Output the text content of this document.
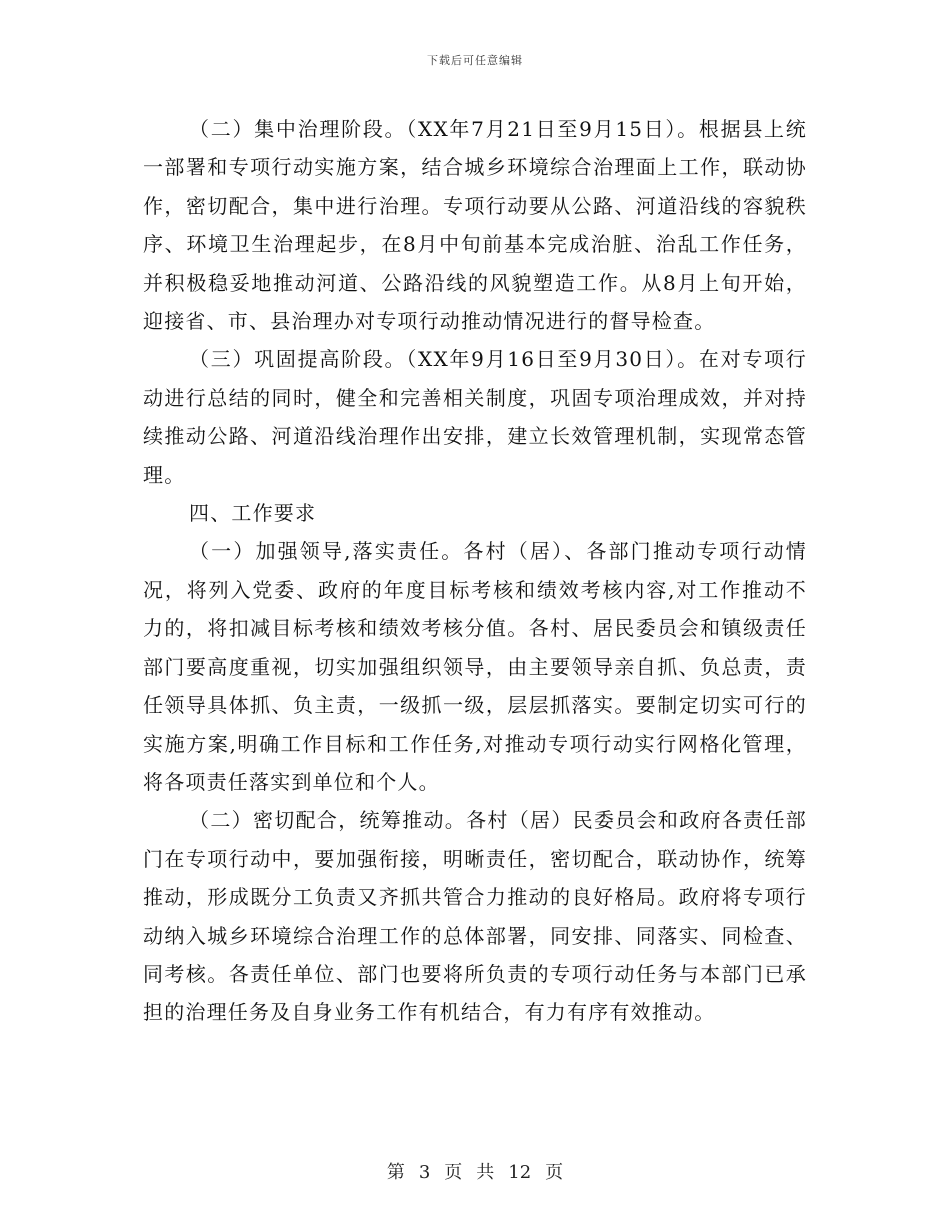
下载后可任意编辑

（二）集中治理阶段。（XX年7月21日至9月15日）。根据县上统一部署和专项行动实施方案，结合城乡环境综合治理面上工作，联动协作，密切配合，集中进行治理。专项行动要从公路、河道沿线的容貌秩序、环境卫生治理起步，在8月中旬前基本完成治脏、治乱工作任务，并积极稳妥地推动河道、公路沿线的风貌塑造工作。从8月上旬开始，迎接省、市、县治理办对专项行动推动情况进行的督导检查。

（三）巩固提高阶段。（XX年9月16日至9月30日）。在对专项行动进行总结的同时，健全和完善相关制度，巩固专项治理成效，并对持续推动公路、河道沿线治理作出安排，建立长效管理机制，实现常态管理。

四、工作要求

（一）加强领导,落实责任。各村（居）、各部门推动专项行动情况，将列入党委、政府的年度目标考核和绩效考核内容,对工作推动不力的，将扣减目标考核和绩效考核分值。各村、居民委员会和镇级责任部门要高度重视，切实加强组织领导，由主要领导亲自抓、负总责，责任领导具体抓、负主责，一级抓一级，层层抓落实。要制定切实可行的实施方案,明确工作目标和工作任务,对推动专项行动实行网格化管理，将各项责任落实到单位和个人。

（二）密切配合，统筹推动。各村（居）民委员会和政府各责任部门在专项行动中，要加强衔接，明晰责任，密切配合，联动协作，统筹推动，形成既分工负责又齐抓共管合力推动的良好格局。政府将专项行动纳入城乡环境综合治理工作的总体部署，同安排、同落实、同检查、同考核。各责任单位、部门也要将所负责的专项行动任务与本部门已承担的治理任务及自身业务工作有机结合，有力有序有效推动。

第 3 页 共 12 页
